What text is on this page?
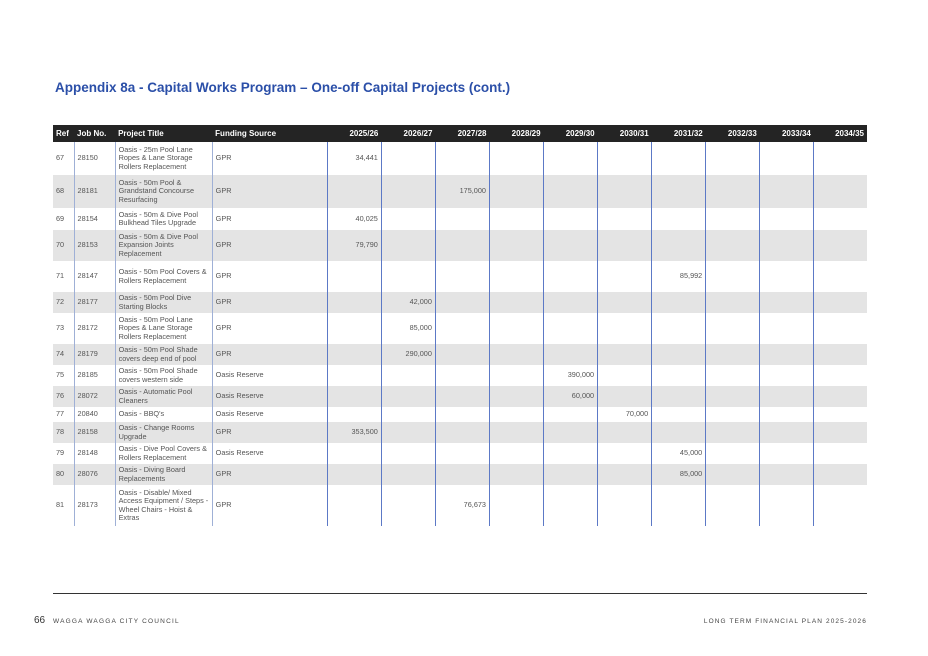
Appendix 8a - Capital Works Program – One-off Capital Projects (cont.)
Ref	Job No.	Project Title	Funding Source	2025/26	2026/27	2027/28	2028/29	2029/30	2030/31	2031/32	2032/33	2033/34	2034/35
67	28150	Oasis - 25m Pool Lane Ropes & Lane Storage Rollers Replacement	GPR	34,441									
68	28181	Oasis - 50m Pool & Grandstand Concourse Resurfacing	GPR			175,000							
69	28154	Oasis - 50m & Dive Pool Bulkhead Tiles Upgrade	GPR	40,025									
70	28153	Oasis - 50m & Dive Pool Expansion Joints Replacement	GPR	79,790									
71	28147	Oasis - 50m Pool Covers & Rollers Replacement	GPR							85,992			
72	28177	Oasis - 50m Pool Dive Starting Blocks	GPR		42,000								
73	28172	Oasis - 50m Pool Lane Ropes & Lane Storage Rollers Replacement	GPR		85,000								
74	28179	Oasis - 50m Pool Shade covers deep end of pool	GPR		290,000								
75	28185	Oasis - 50m Pool Shade covers western side	Oasis Reserve					390,000					
76	28072	Oasis - Automatic Pool Cleaners	Oasis Reserve					60,000					
77	20840	Oasis - BBQ's	Oasis Reserve						70,000				
78	28158	Oasis - Change Rooms Upgrade	GPR	353,500									
79	28148	Oasis - Dive Pool Covers & Rollers Replacement	Oasis Reserve							45,000			
80	28076	Oasis - Diving Board Replacements	GPR							85,000			
81	28173	Oasis - Disable/ Mixed Access Equipment / Steps - Wheel Chairs - Hoist & Extras	GPR			76,673							
66 WAGGA WAGGA CITY COUNCIL	LONG TERM FINANCIAL PLAN 2025-2026
